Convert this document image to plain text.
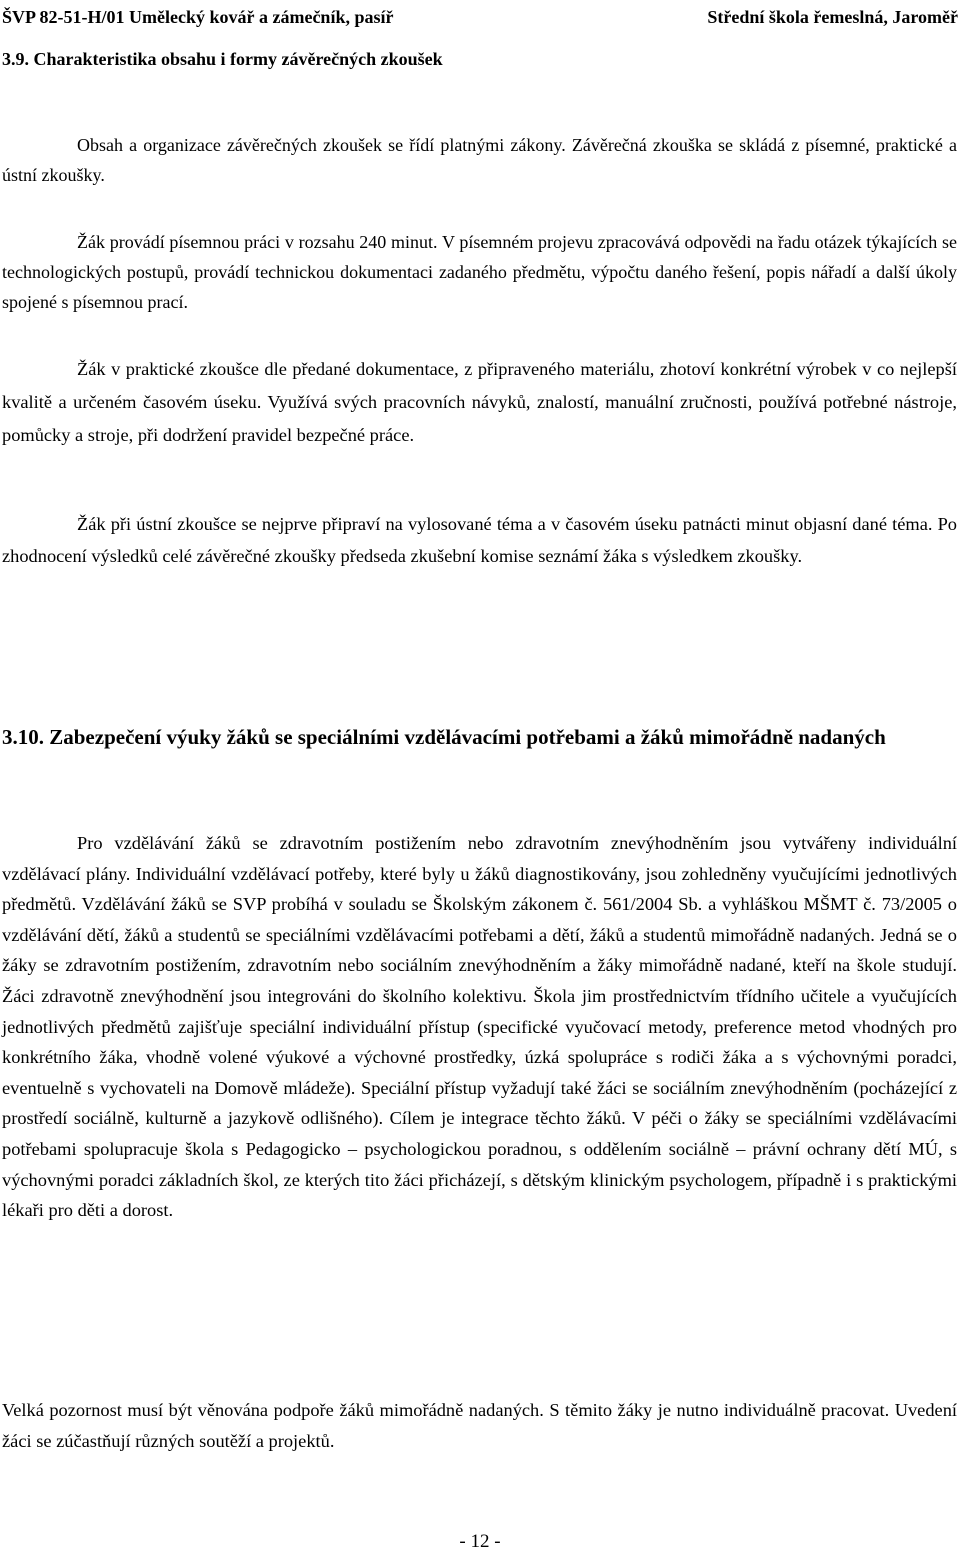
ŠVP 82-51-H/01 Umělecký kovář a zámečník, pasíř	Střední škola řemeslná, Jaroměř
3.9. Charakteristika obsahu i formy závěrečných zkoušek

Obsah a organizace závěrečných zkoušek se řídí platnými zákony. Závěrečná zkouška se skládá z písemné, praktické a ústní zkoušky.

Žák provádí písemnou práci v rozsahu 240 minut. V písemném projevu zpracovává odpovědi na řadu otázek týkajících se technologických postupů, provádí technickou dokumentaci zadaného předmětu, výpočtu daného řešení, popis nářadí a další úkoly spojené s písemnou prací.

Žák v praktické zkoušce dle předané dokumentace, z připraveného materiálu, zhotoví konkrétní výrobek v co nejlepší kvalitě a určeném časovém úseku. Využívá svých pracovních návyků, znalostí, manuální zručnosti, používá potřebné nástroje, pomůcky a stroje, při dodržení pravidel bezpečné práce.

Žák při ústní zkoušce se nejprve připraví na vylosované téma a v časovém úseku patnácti minut objasní dané téma. Po zhodnocení výsledků celé závěrečné zkoušky předseda zkušební komise seznámí žáka s výsledkem zkoušky.

3.10. Zabezpečení výuky žáků se speciálními vzdělávacími potřebami a žáků mimořádně nadaných

Pro vzdělávání žáků se zdravotním postižením nebo zdravotním znevýhodněním jsou vytvářeny individuální vzdělávací plány. Individuální vzdělávací potřeby, které byly u žáků diagnostikovány, jsou zohledněny vyučujícími jednotlivých předmětů. Vzdělávání žáků se SVP probíhá v souladu se Školským zákonem č. 561/2004 Sb. a vyhláškou MŠMT č. 73/2005 o vzdělávání dětí, žáků a studentů se speciálními vzdělávacími potřebami a dětí, žáků a studentů mimořádně nadaných. Jedná se o žáky se zdravotním postižením, zdravotním nebo sociálním znevýhodněním a žáky mimořádně nadané, kteří na škole studují. Žáci zdravotně znevýhodnění jsou integrováni do školního kolektivu. Škola jim prostřednictvím třídního učitele a vyučujících jednotlivých předmětů zajišťuje speciální individuální přístup (specifické vyučovací metody, preference metod vhodných pro konkrétního žáka, vhodně volené výukové a výchovné prostředky, úzká spolupráce s rodiči žáka a s výchovnými poradci, eventuelně s vychovateli na Domově mládeže). Speciální přístup vyžadují také žáci se sociálním znevýhodněním (pocházející z prostředí sociálně, kulturně a jazykově odlišného). Cílem je integrace těchto žáků. V péči o žáky se speciálními vzdělávacími potřebami spolupracuje škola s Pedagogicko – psychologickou poradnou, s oddělením sociálně – právní ochrany dětí MÚ, s výchovnými poradci základních škol, ze kterých tito žáci přicházejí, s dětským klinickým psychologem, případně i s praktickými lékaři pro děti a dorost.

Velká pozornost musí být věnována podpoře žáků mimořádně nadaných. S těmito žáky je nutno individuálně pracovat. Uvedení žáci se zúčastňují různých soutěží a projektů.

- 12 -
